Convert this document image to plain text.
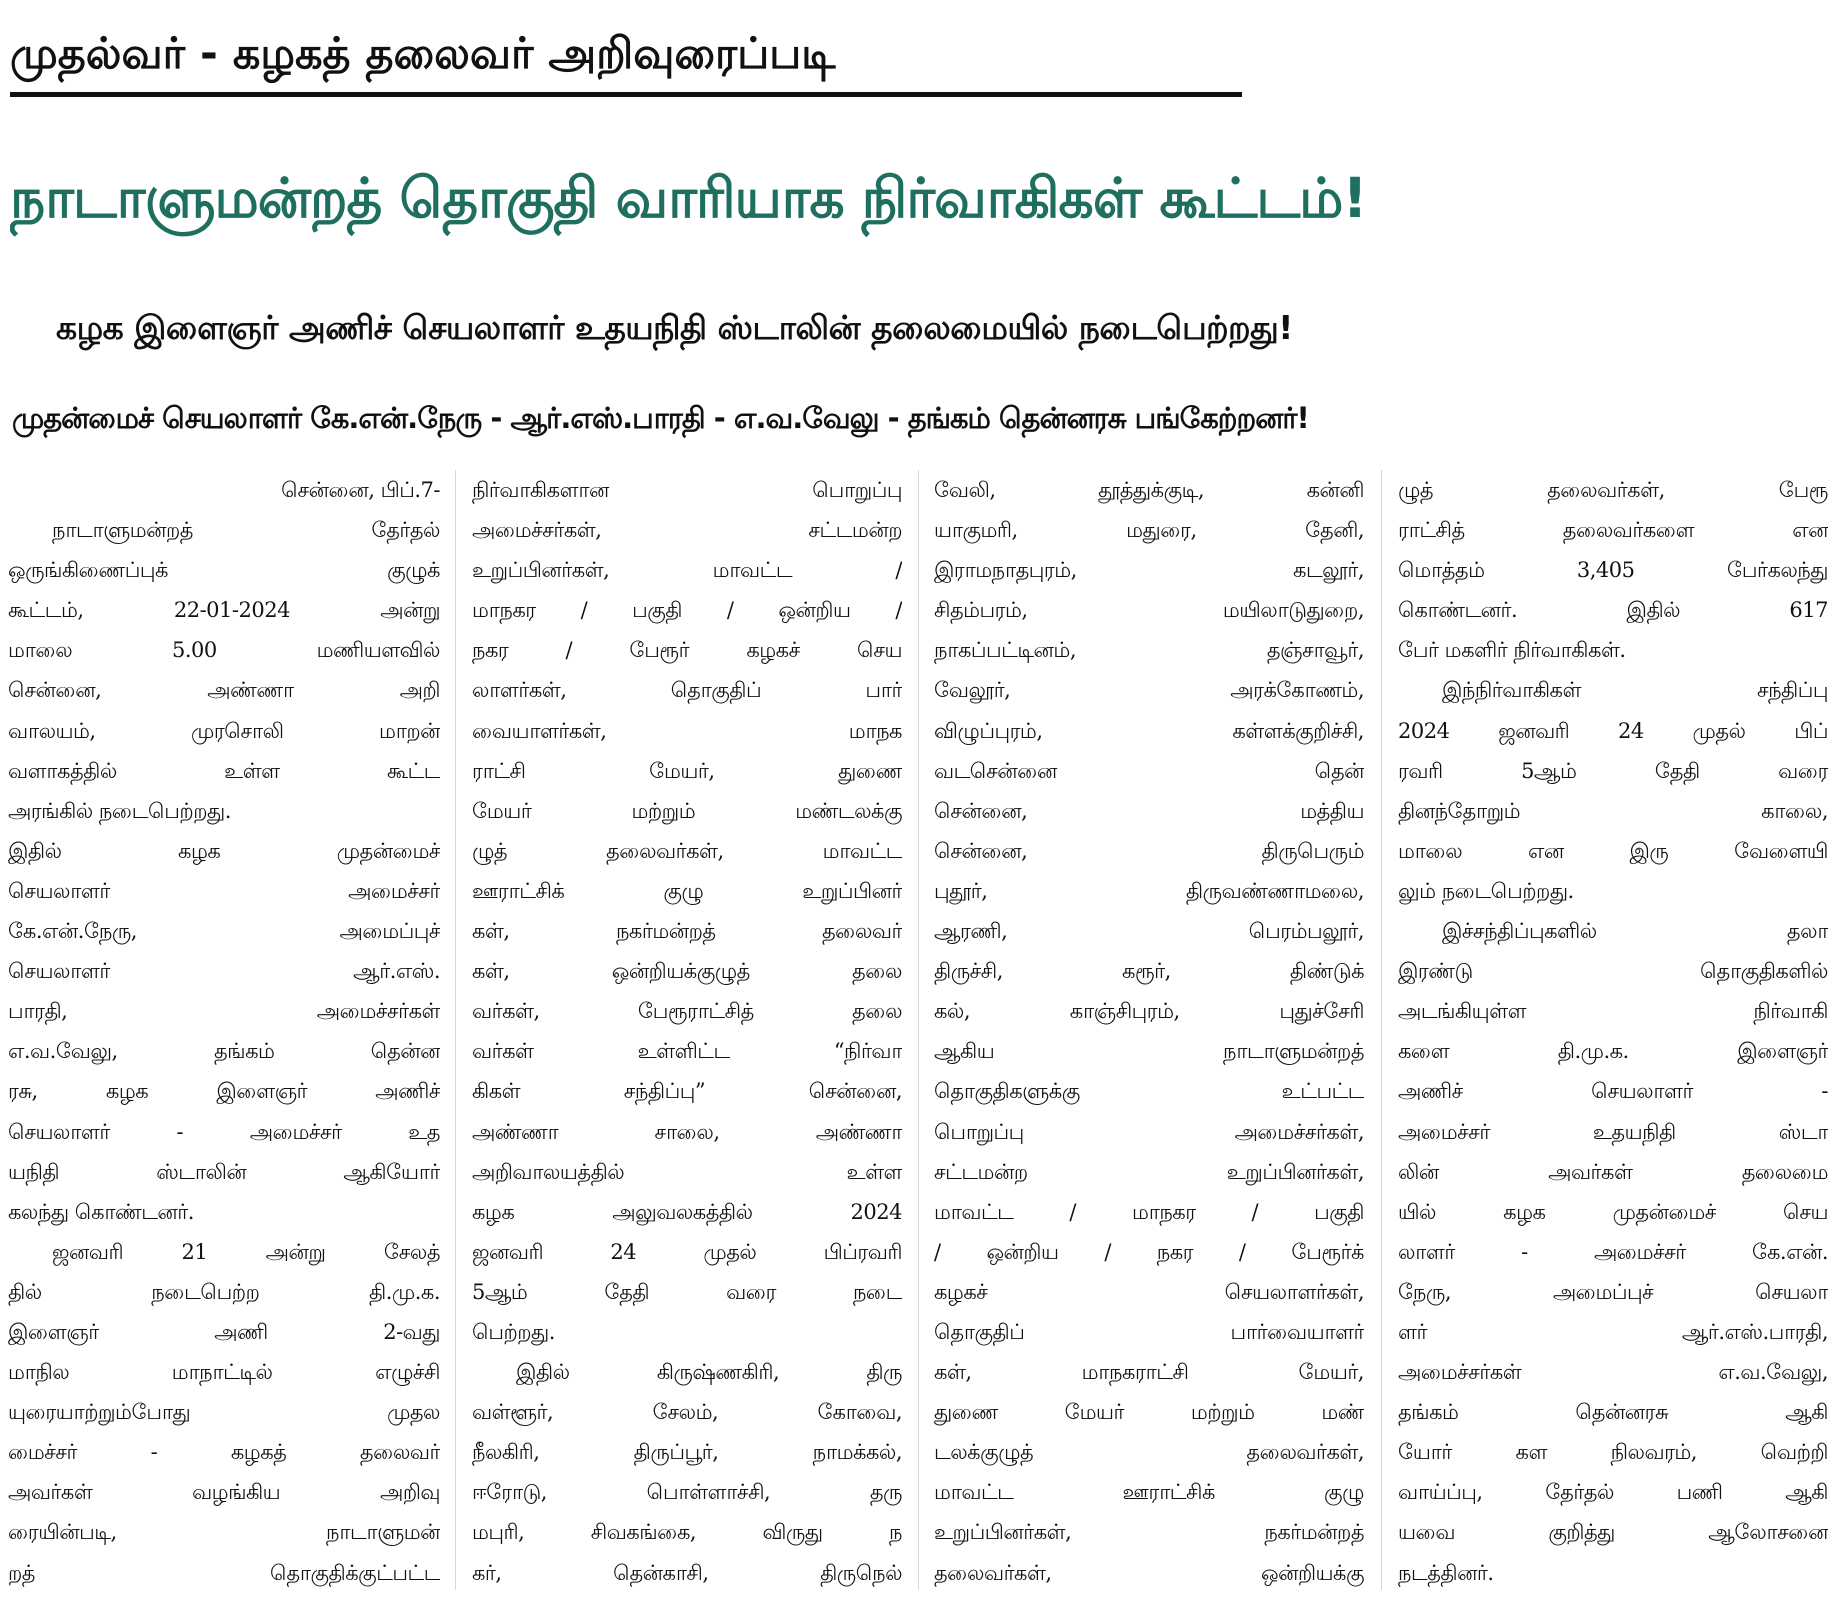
முதல்வர் - கழகத் தலைவர் அறிவுரைப்படி
நாடாளுமன்றத் தொகுதி வாரியாக நிர்வாகிகள் கூட்டம்!
கழக இளைஞர் அணிச் செயலாளர் உதயநிதி ஸ்டாலின் தலைமையில் நடைபெற்றது!
முதன்மைச் செயலாளர் கே.என்.நேரு - ஆர்.எஸ்.பாரதி - எ.வ.வேலு - தங்கம் தென்னரசு பங்கேற்றனர்!
சென்னை, பிப்.7-
நாடாளுமன்றத் தேர்தல்
ஒருங்கிணைப்புக் குழுக்
கூட்டம், 22-01-2024 அன்று
மாலை 5.00 மணியளவில்
சென்னை, அண்ணா அறி
வாலயம், முரசொலி மாறன்
வளாகத்தில் உள்ள கூட்ட
அரங்கில் நடைபெற்றது.
இதில் கழக முதன்மைச்
செயலாளர் அமைச்சர்
கே.என்.நேரு, அமைப்புச்
செயலாளர் ஆர்.எஸ்.
பாரதி, அமைச்சர்கள்
எ.வ.வேலு, தங்கம் தென்ன
ரசு, கழக இளைஞர் அணிச்
செயலாளர் - அமைச்சர் உத
யநிதி ஸ்டாலின் ஆகியோர்
கலந்து கொண்டனர்.
ஜனவரி 21 அன்று சேலத்
தில் நடைபெற்ற தி.மு.க.
இளைஞர் அணி 2-வது
மாநில மாநாட்டில் எழுச்சி
யுரையாற்றும்போது முதல
மைச்சர் - கழகத் தலைவர்
அவர்கள் வழங்கிய அறிவு
ரையின்படி, நாடாளுமன்
றத் தொகுதிக்குட்பட்ட
நிர்வாகிகளான பொறுப்பு
அமைச்சர்கள், சட்டமன்ற
உறுப்பினர்கள், மாவட்ட /
மாநகர / பகுதி / ஒன்றிய /
நகர / பேரூர் கழகச் செய
லாளர்கள், தொகுதிப் பார்
வையாளர்கள், மாநக
ராட்சி மேயர், துணை
மேயர் மற்றும் மண்டலக்கு
ழுத் தலைவர்கள், மாவட்ட
ஊராட்சிக் குழு உறுப்பினர்
கள், நகர்மன்றத் தலைவர்
கள், ஒன்றியக்குழுத் தலை
வர்கள், பேரூராட்சித் தலை
வர்கள் உள்ளிட்ட “நிர்வா
கிகள் சந்திப்பு” சென்னை,
அண்ணா சாலை, அண்ணா
அறிவாலயத்தில் உள்ள
கழக அலுவலகத்தில் 2024
ஜனவரி 24 முதல் பிப்ரவரி
5ஆம் தேதி வரை நடை
பெற்றது.
இதில் கிருஷ்ணகிரி, திரு
வள்ளூர், சேலம், கோவை,
நீலகிரி, திருப்பூர், நாமக்கல்,
ஈரோடு, பொள்ளாச்சி, தரு
மபுரி, சிவகங்கை, விருது ந
கர், தென்காசி, திருநெல்
வேலி, தூத்துக்குடி, கன்னி
யாகுமரி, மதுரை, தேனி,
இராமநாதபுரம், கடலூர்,
சிதம்பரம், மயிலாடுதுறை,
நாகப்பட்டினம், தஞ்சாவூர்,
வேலூர், அரக்கோணம்,
விழுப்புரம், கள்ளக்குறிச்சி,
வடசென்னை தென்
சென்னை, மத்திய
சென்னை, திருபெரும்
புதூர், திருவண்ணாமலை,
ஆரணி, பெரம்பலூர்,
திருச்சி, கரூர், திண்டுக்
கல், காஞ்சிபுரம், புதுச்சேரி
ஆகிய நாடாளுமன்றத்
தொகுதிகளுக்கு உட்பட்ட
பொறுப்பு அமைச்சர்கள்,
சட்டமன்ற உறுப்பினர்கள்,
மாவட்ட / மாநகர / பகுதி
/ ஒன்றிய / நகர / பேரூர்க்
கழகச் செயலாளர்கள்,
தொகுதிப் பார்வையாளர்
கள், மாநகராட்சி மேயர்,
துணை மேயர் மற்றும் மண்
டலக்குழுத் தலைவர்கள்,
மாவட்ட ஊராட்சிக் குழு
உறுப்பினர்கள், நகர்மன்றத்
தலைவர்கள், ஒன்றியக்கு
ழுத் தலைவர்கள், பேரூ
ராட்சித் தலைவர்களை என
மொத்தம் 3,405 பேர்கலந்து
கொண்டனர். இதில் 617
பேர் மகளிர் நிர்வாகிகள்.
இந்நிர்வாகிகள் சந்திப்பு
2024 ஜனவரி 24 முதல் பிப்
ரவரி 5ஆம் தேதி வரை
தினந்தோறும் காலை,
மாலை என இரு வேளையி
லும் நடைபெற்றது.
இச்சந்திப்புகளில் தலா
இரண்டு தொகுதிகளில்
அடங்கியுள்ள நிர்வாகி
களை தி.மு.க. இளைஞர்
அணிச் செயலாளர் -
அமைச்சர் உதயநிதி ஸ்டா
லின் அவர்கள் தலைமை
யில் கழக முதன்மைச் செய
லாளர் - அமைச்சர் கே.என்.
நேரு, அமைப்புச் செயலா
ளர் ஆர்.எஸ்.பாரதி,
அமைச்சர்கள் எ.வ.வேலு,
தங்கம் தென்னரசு ஆகி
யோர் கள நிலவரம், வெற்றி
வாய்ப்பு, தேர்தல் பணி ஆகி
யவை குறித்து ஆலோசனை
நடத்தினர்.
